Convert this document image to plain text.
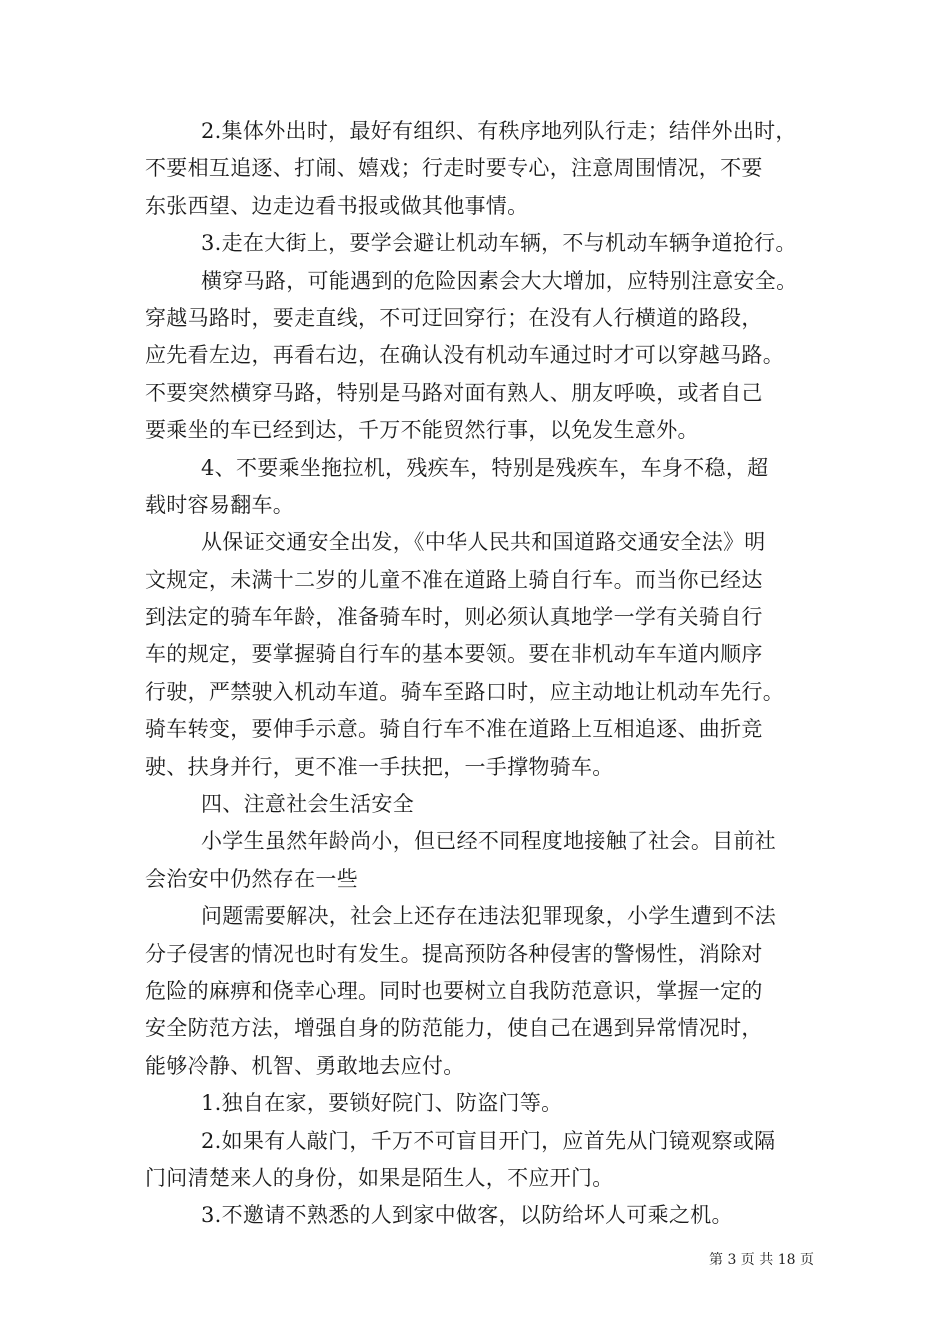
2.集体外出时，最好有组织、有秩序地列队行走；结伴外出时，
不要相互追逐、打闹、嬉戏；行走时要专心，注意周围情况，不要
东张西望、边走边看书报或做其他事情。
3.走在大街上，要学会避让机动车辆，不与机动车辆争道抢行。
横穿马路，可能遇到的危险因素会大大增加，应特别注意安全。
穿越马路时，要走直线，不可迂回穿行；在没有人行横道的路段，
应先看左边，再看右边，在确认没有机动车通过时才可以穿越马路。
不要突然横穿马路，特别是马路对面有熟人、朋友呼唤，或者自己
要乘坐的车已经到达，千万不能贸然行事，以免发生意外。
4、不要乘坐拖拉机，残疾车，特别是残疾车，车身不稳，超
载时容易翻车。
从保证交通安全出发，《中华人民共和国道路交通安全法》明
文规定，未满十二岁的儿童不准在道路上骑自行车。而当你已经达
到法定的骑车年龄，准备骑车时，则必须认真地学一学有关骑自行
车的规定，要掌握骑自行车的基本要领。要在非机动车车道内顺序
行驶，严禁驶入机动车道。骑车至路口时，应主动地让机动车先行。
骑车转变，要伸手示意。骑自行车不准在道路上互相追逐、曲折竞
驶、扶身并行，更不准一手扶把，一手撑物骑车。
四、注意社会生活安全
小学生虽然年龄尚小，但已经不同程度地接触了社会。目前社
会治安中仍然存在一些
问题需要解决，社会上还存在违法犯罪现象，小学生遭到不法
分子侵害的情况也时有发生。提高预防各种侵害的警惕性，消除对
危险的麻痹和侥幸心理。同时也要树立自我防范意识，掌握一定的
安全防范方法，增强自身的防范能力，使自己在遇到异常情况时，
能够冷静、机智、勇敢地去应付。
1.独自在家，要锁好院门、防盗门等。
2.如果有人敲门，千万不可盲目开门，应首先从门镜观察或隔
门问清楚来人的身份，如果是陌生人，不应开门。
3.不邀请不熟悉的人到家中做客，以防给坏人可乘之机。
第 3 页 共 18 页
